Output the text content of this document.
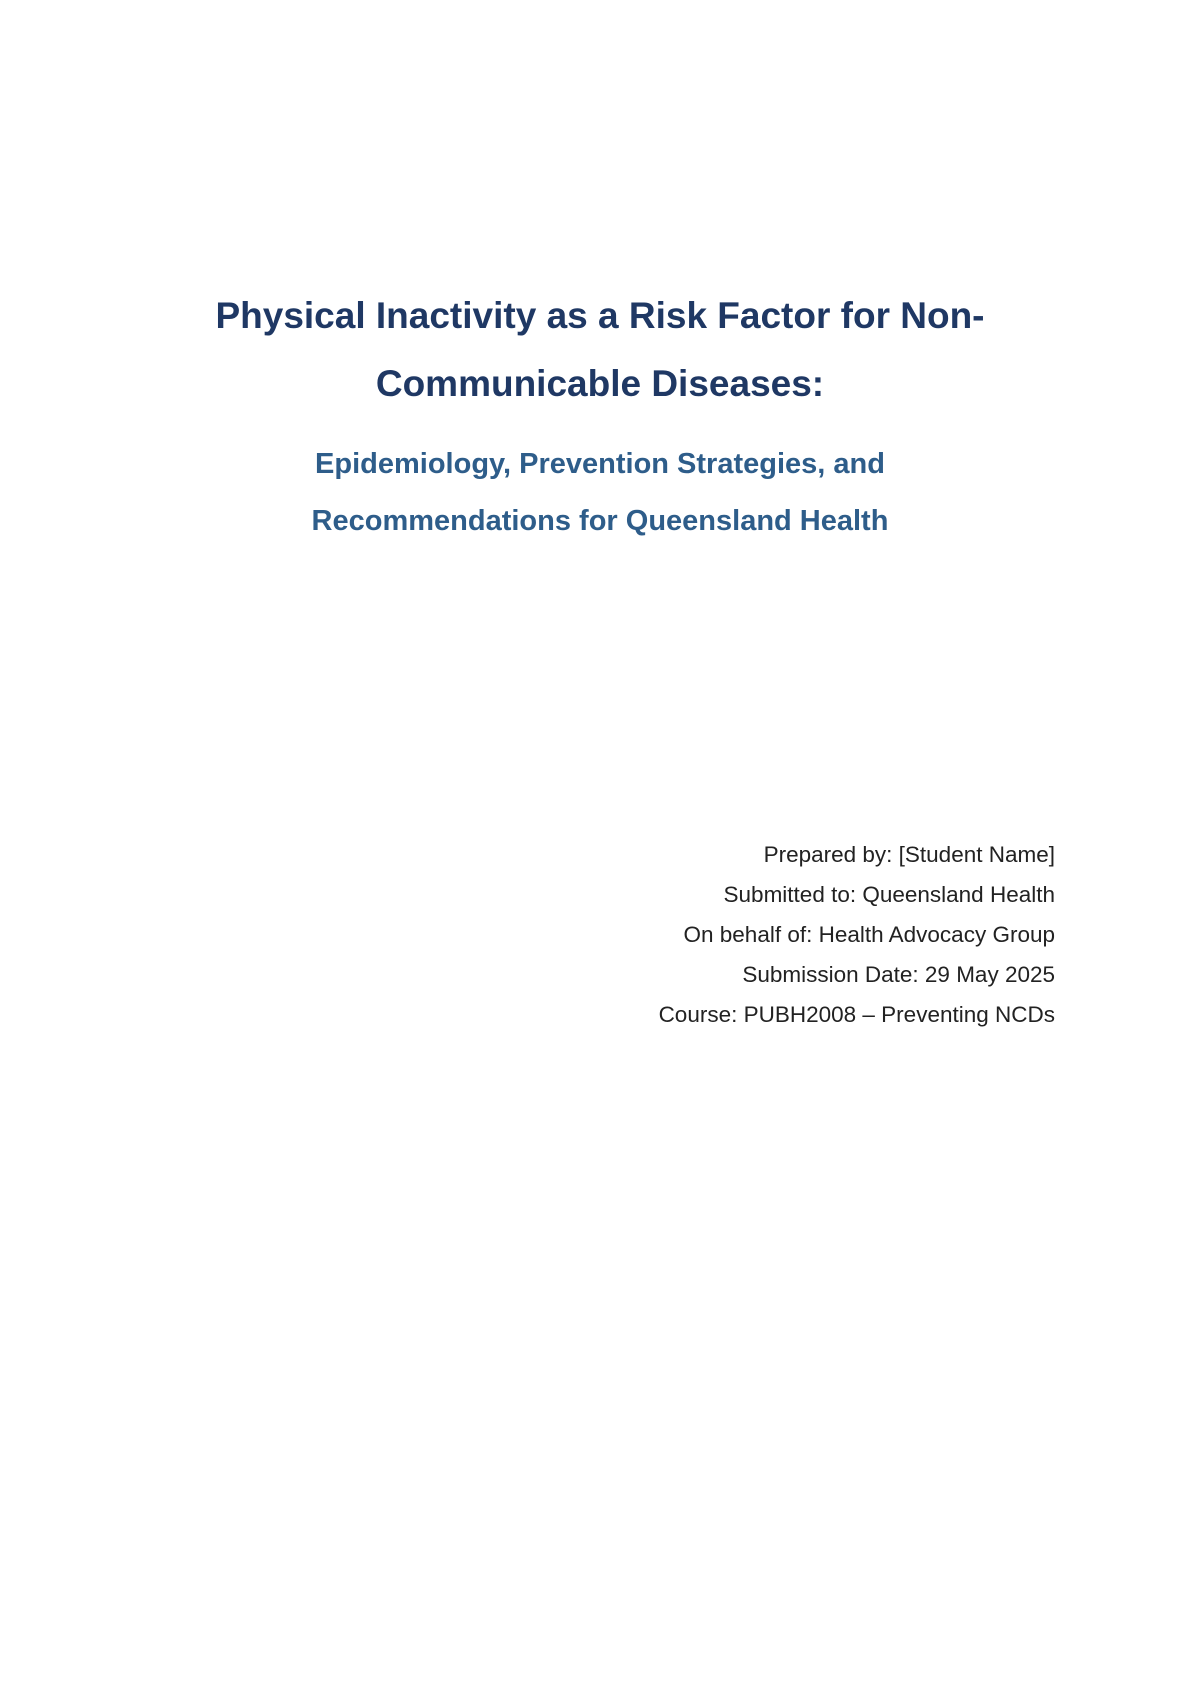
Physical Inactivity as a Risk Factor for Non-
Communicable Diseases:
Epidemiology, Prevention Strategies, and
Recommendations for Queensland Health
Prepared by: [Student Name]
Submitted to: Queensland Health
On behalf of: Health Advocacy Group
Submission Date: 29 May 2025
Course: PUBH2008 – Preventing NCDs
